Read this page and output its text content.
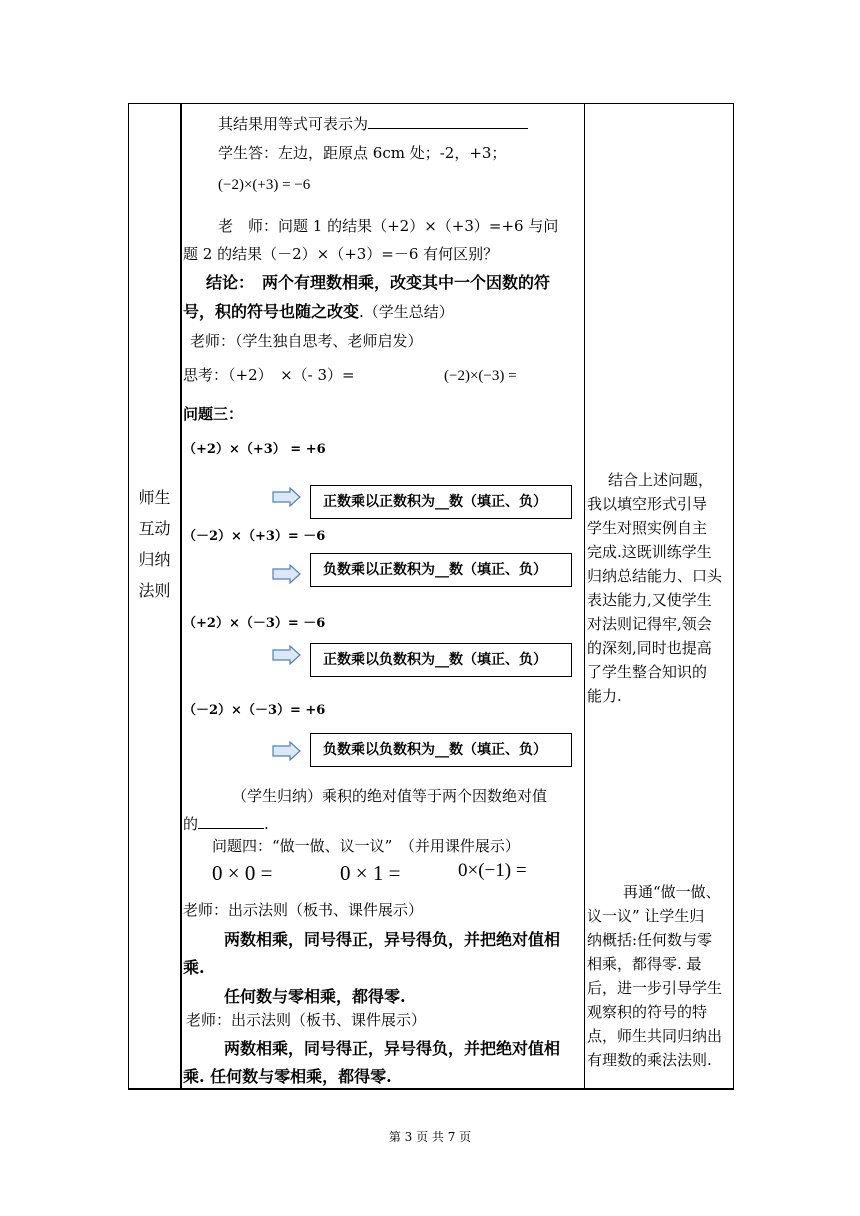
师生
互动
归纳
法则
其结果用等式可表示为
学生答：左边，距原点 6cm 处；-2，+3；
(−2)×(+3) = −6
老　师：问题 1 的结果（+2）×（+3）=+6 与问
题 2 的结果（－2）×（+3）=－6 有何区别？
结论：　两个有理数相乘，改变其中一个因数的符
号，积的符号也随之改变.（学生总结）
老师：（学生独自思考、老师启发）
思考：（+2）　×（- 3）=	(−2)×(−3) =
问题三：
（+2）×（+3） = +6
正数乘以正数积为__数（填正、负）
（－2）×（+3）= －6
负数乘以正数积为__数（填正、负）
（+2）×（－3）= －6
正数乘以负数积为__数（填正、负）
（－2）×（－3）= +6
负数乘以负数积为__数（填正、负）
（学生归纳）乘积的绝对值等于两个因数绝对值
的	.
问题四：“做一做、议一议”　（并用课件展示）
0 × 0 =	0 × 1 =	0×(−1) =
老师：出示法则（板书、课件展示）
两数相乘，同号得正，异号得负，并把绝对值相
乘.
任何数与零相乘，都得零.
老师：出示法则（板书、课件展示）
两数相乘，同号得正，异号得负，并把绝对值相
乘. 任何数与零相乘，都得零.
结合上述问题，
我以填空形式引导
学生对照实例自主
完成.这既训练学生
归纳总结能力、口头
表达能力,又使学生
对法则记得牢,领会
的深刻,同时也提高
了学生整合知识的
能力.
再通“做一做、
议一议” 让学生归
纳概括:任何数与零
相乘，都得零. 最
后，进一步引导学生
观察积的符号的特
点，师生共同归纳出
有理数的乘法法则.
第 3 页 共 7 页
